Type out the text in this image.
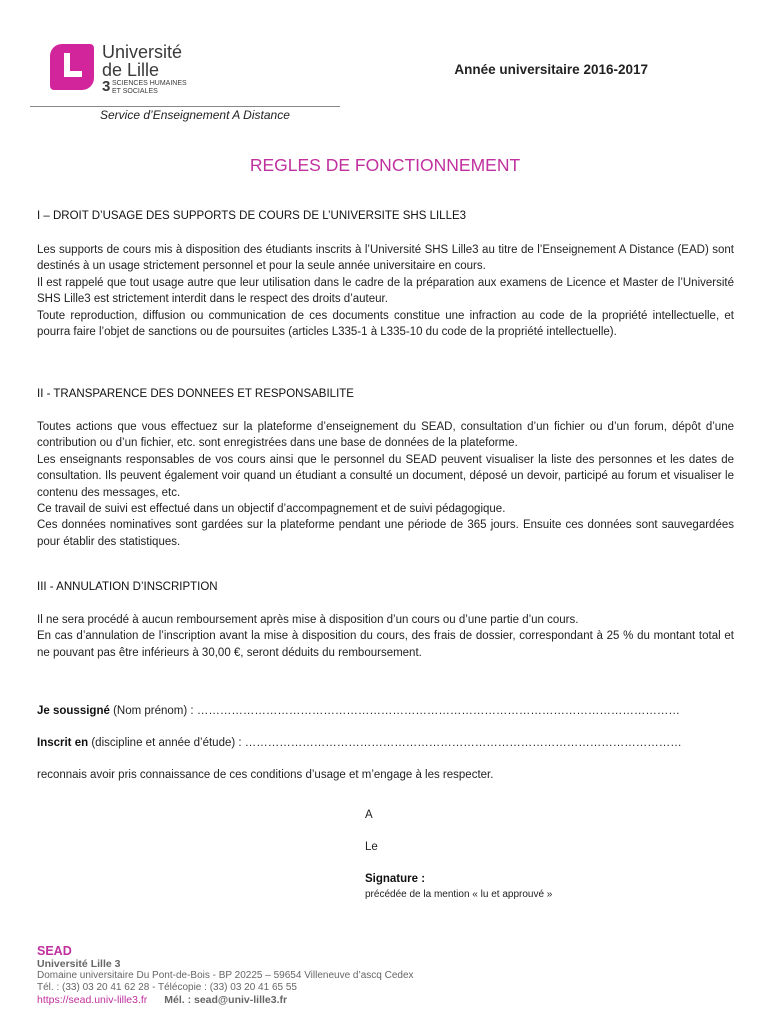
Université
de Lille
SCIENCES HUMAINES
ET SOCIALES
3
Année universitaire 2016-2017
Service d’Enseignement A Distance
REGLES DE FONCTIONNEMENT
I – DROIT D’USAGE DES SUPPORTS DE COURS DE L’UNIVERSITE SHS LILLE3
Les supports de cours mis à disposition des étudiants inscrits à l’Université SHS Lille3 au titre de l’Enseignement A Distance (EAD) sont destinés à un usage strictement personnel et pour la seule année universitaire en cours.
Il est rappelé que tout usage autre que leur utilisation dans le cadre de la préparation aux examens de Licence et Master de l’Université SHS Lille3 est strictement interdit dans le respect des droits d’auteur.
Toute reproduction, diffusion ou communication de ces documents constitue une infraction au code de la propriété intellectuelle, et pourra faire l’objet de sanctions ou de poursuites (articles L335-1 à L335-10 du code de la propriété intellectuelle).
II - TRANSPARENCE DES DONNEES ET RESPONSABILITE
Toutes actions que vous effectuez sur la plateforme d’enseignement du SEAD, consultation d’un fichier ou d’un forum, dépôt d’une contribution ou d’un fichier, etc. sont enregistrées dans une base de données de la plateforme.
Les enseignants responsables de vos cours ainsi que le personnel du SEAD peuvent visualiser la liste des personnes et les dates de consultation. Ils peuvent également voir quand un étudiant a consulté un document, déposé un devoir, participé au forum et visualiser le contenu des messages, etc.
Ce travail de suivi est effectué dans un objectif d’accompagnement et de suivi pédagogique.
Ces données nominatives sont gardées sur la plateforme pendant une période de 365 jours. Ensuite ces données sont sauvegardées pour établir des statistiques.
III - ANNULATION D’INSCRIPTION
Il ne sera procédé à aucun remboursement après mise à disposition d’un cours ou d’une partie d’un cours.
En cas d’annulation de l’inscription avant la mise à disposition du cours, des frais de dossier, correspondant à 25 % du montant total et ne pouvant pas être inférieurs à 30,00 €, seront déduits du remboursement.
Je soussigné (Nom prénom) : ………………………………………………………………………………………………………………
Inscrit en (discipline et année d’étude) : ……………………………………………………………………………………………………
reconnais avoir pris connaissance de ces conditions d’usage et m’engage à les respecter.
A
Le
Signature :
précédée de la mention « lu et approuvé »
SEAD
Université Lille 3
Domaine universitaire Du Pont-de-Bois - BP 20225 – 59654 Villeneuve d’ascq Cedex
Tél. : (33) 03 20 41 62 28 - Télécopie : (33) 03 20 41 65 55
https://sead.univ-lille3.fr Mél. : sead@univ-lille3.fr
